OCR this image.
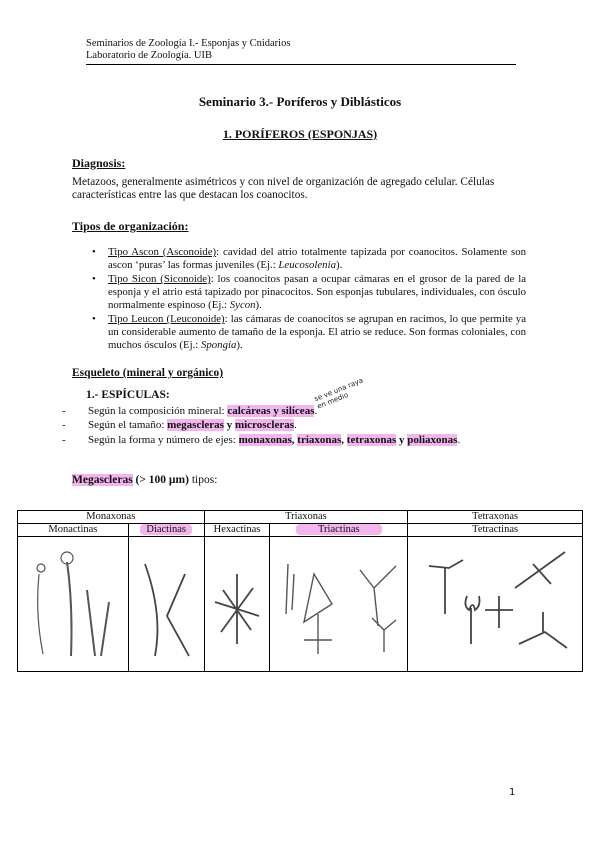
Seminarios de Zoología I.- Esponjas y Cnidarios
Laboratorio de Zoología. UIB
Seminario 3.- Poríferos y Diblásticos
1. PORÍFEROS (ESPONJAS)
Diagnosis:
Metazoos, generalmente asimétricos y con nivel de organización de agregado celular. Células características entre las que destacan los coanocitos.
Tipos de organización:
• Tipo Ascon (Asconoide): cavidad del atrio totalmente tapizada por coanocitos. Solamente son ascon ‘puras’ las formas juveniles (Ej.: Leucosolenia).
• Tipo Sicon (Siconoide): los coanocitos pasan a ocupar cámaras en el grosor de la pared de la esponja y el atrio está tapizado por pinacocitos. Son esponjas tubulares, individuales, con ósculo normalmente espinoso (Ej.: Sycon).
• Tipo Leucon (Leuconoide): las cámaras de coanocitos se agrupan en racimos, lo que permite ya un considerable aumento de tamaño de la esponja. El atrio se reduce. Son formas coloniales, con muchos ósculos (Ej.: Spongia).
Esqueleto (mineral y orgánico)
1.- ESPÍCULAS:
- Según la composición mineral: calcáreas y silíceas.
- Según el tamaño: megascleras y microscleras.
- Según la forma y número de ejes: monaxonas, triaxonas, tetraxonas y poliaxonas.
se ve una raya en medio
Megascleras (> 100 µm) tipos:
Monaxonas		Triaxonas		Tetraxonas
Monactinas	Diactinas	Hexactinas	Triactinas	Tetractinas

1
